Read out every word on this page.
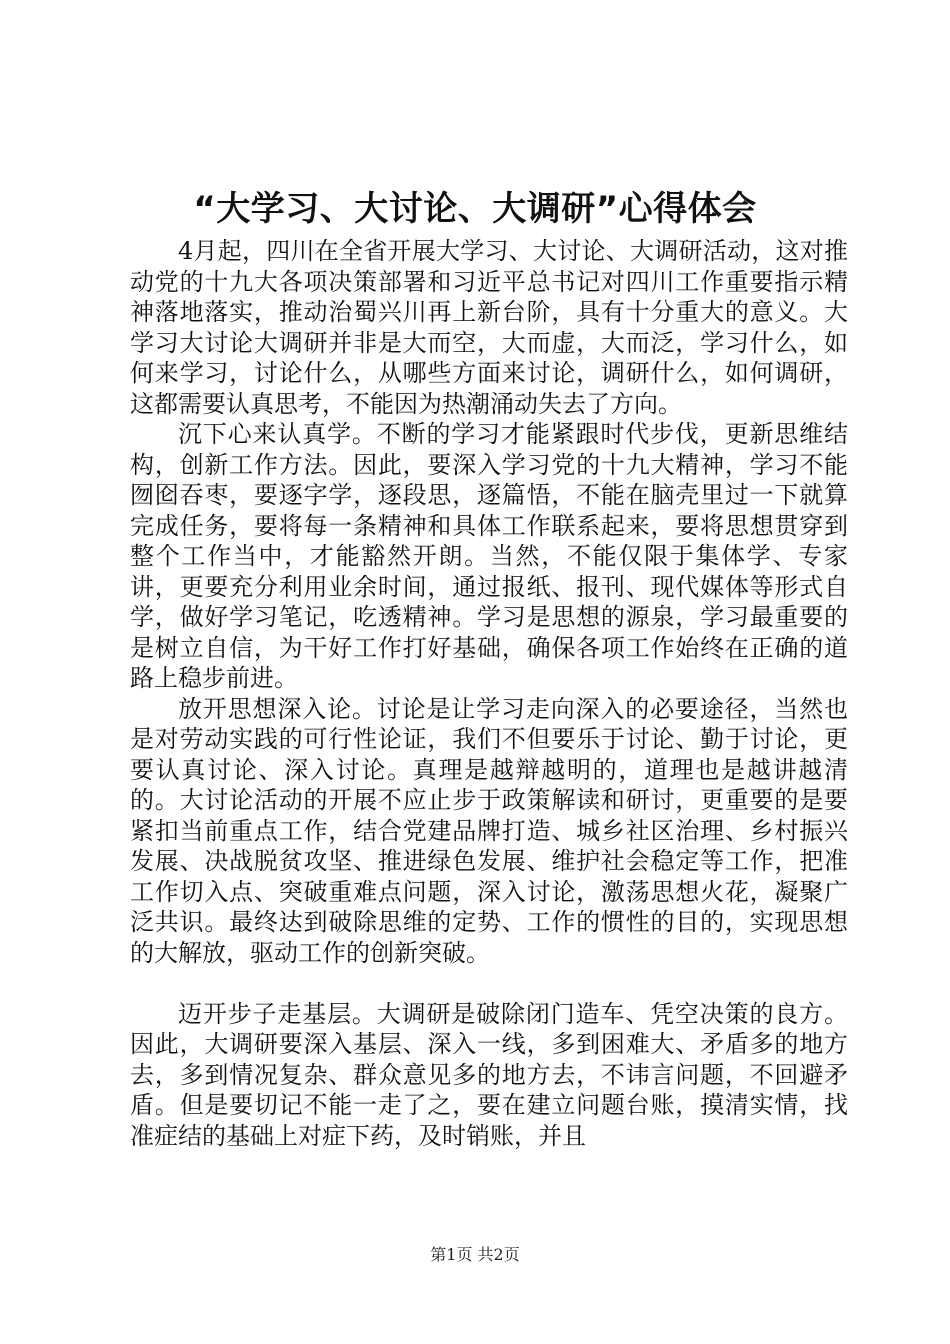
“大学习、大讨论、大调研”心得体会

4月起，四川在全省开展大学习、大讨论、大调研活动，这对推动党的十九大各项决策部署和习近平总书记对四川工作重要指示精神落地落实，推动治蜀兴川再上新台阶，具有十分重大的意义。大学习大讨论大调研并非是大而空，大而虚，大而泛，学习什么，如何来学习，讨论什么，从哪些方面来讨论，调研什么，如何调研，这都需要认真思考，不能因为热潮涌动失去了方向。

沉下心来认真学。不断的学习才能紧跟时代步伐，更新思维结构，创新工作方法。因此，要深入学习党的十九大精神，学习不能囫囵吞枣，要逐字学，逐段思，逐篇悟，不能在脑壳里过一下就算完成任务，要将每一条精神和具体工作联系起来，要将思想贯穿到整个工作当中，才能豁然开朗。当然，不能仅限于集体学、专家讲，更要充分利用业余时间，通过报纸、报刊、现代媒体等形式自学，做好学习笔记，吃透精神。学习是思想的源泉，学习最重要的是树立自信，为干好工作打好基础，确保各项工作始终在正确的道路上稳步前进。

放开思想深入论。讨论是让学习走向深入的必要途径，当然也是对劳动实践的可行性论证，我们不但要乐于讨论、勤于讨论，更要认真讨论、深入讨论。真理是越辩越明的，道理也是越讲越清的。大讨论活动的开展不应止步于政策解读和研讨，更重要的是要紧扣当前重点工作，结合党建品牌打造、城乡社区治理、乡村振兴发展、决战脱贫攻坚、推进绿色发展、维护社会稳定等工作，把准工作切入点、突破重难点问题，深入讨论，激荡思想火花，凝聚广泛共识。最终达到破除思维的定势、工作的惯性的目的，实现思想的大解放，驱动工作的创新突破。

迈开步子走基层。大调研是破除闭门造车、凭空决策的良方。因此，大调研要深入基层、深入一线，多到困难大、矛盾多的地方去，多到情况复杂、群众意见多的地方去，不讳言问题，不回避矛盾。但是要切记不能一走了之，要在建立问题台账，摸清实情，找准症结的基础上对症下药，及时销账，并且

第1页 共2页
